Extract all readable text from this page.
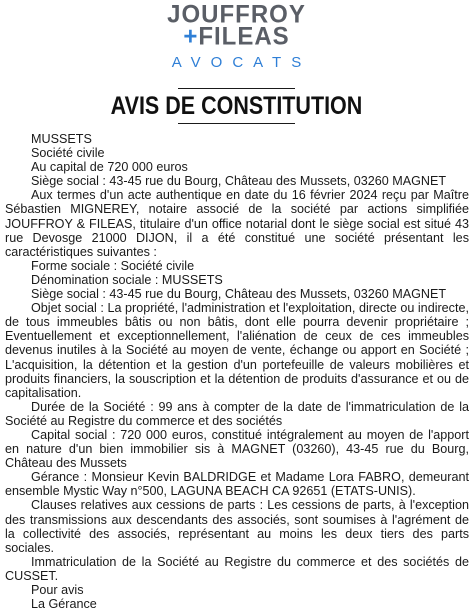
JOUFFROY
+FILEAS
AVOCATS
AVIS DE CONSTITUTION

MUSSETS

Société civile

Au capital de 720 000 euros

Siège social : 43-45 rue du Bourg, Château des Mussets, 03260 MAGNET

Aux termes d'un acte authentique en date du 16 février 2024 reçu par Maître Sébastien MIGNEREY, notaire associé de la société par actions simplifiée JOUFFROY & FILEAS, titulaire d'un office notarial dont le siège social est situé 43 rue Devosge 21000 DIJON, il a été constitué une société présentant les caractéristiques suivantes :

Forme sociale : Société civile

Dénomination sociale : MUSSETS

Siège social : 43-45 rue du Bourg, Château des Mussets, 03260 MAGNET

Objet social : La propriété, l'administration et l'exploitation, directe ou indirecte, de tous immeubles bâtis ou non bâtis, dont elle pourra devenir propriétaire ; Eventuellement et exceptionnellement, l'aliénation de ceux de ces immeubles devenus inutiles à la Société au moyen de vente, échange ou apport en Société ; L'acquisition, la détention et la gestion d'un portefeuille de valeurs mobilières et produits financiers, la souscription et la détention de produits d'assurance et ou de capitalisation.

Durée de la Société : 99 ans à compter de la date de l'immatriculation de la Société au Registre du commerce et des sociétés

Capital social : 720 000 euros, constitué intégralement au moyen de l'apport en nature d'un bien immobilier sis à MAGNET (03260), 43-45 rue du Bourg, Château des Mussets

Gérance : Monsieur Kevin BALDRIDGE et Madame Lora FABRO, demeurant ensemble Mystic Way n°500, LAGUNA BEACH CA 92651 (ETATS-UNIS).

Clauses relatives aux cessions de parts : Les cessions de parts, à l'exception des transmissions aux descendants des associés, sont soumises à l'agrément de la collectivité des associés, représentant au moins les deux tiers des parts sociales.

Immatriculation de la Société au Registre du commerce et des sociétés de CUSSET.

Pour avis

La Gérance
